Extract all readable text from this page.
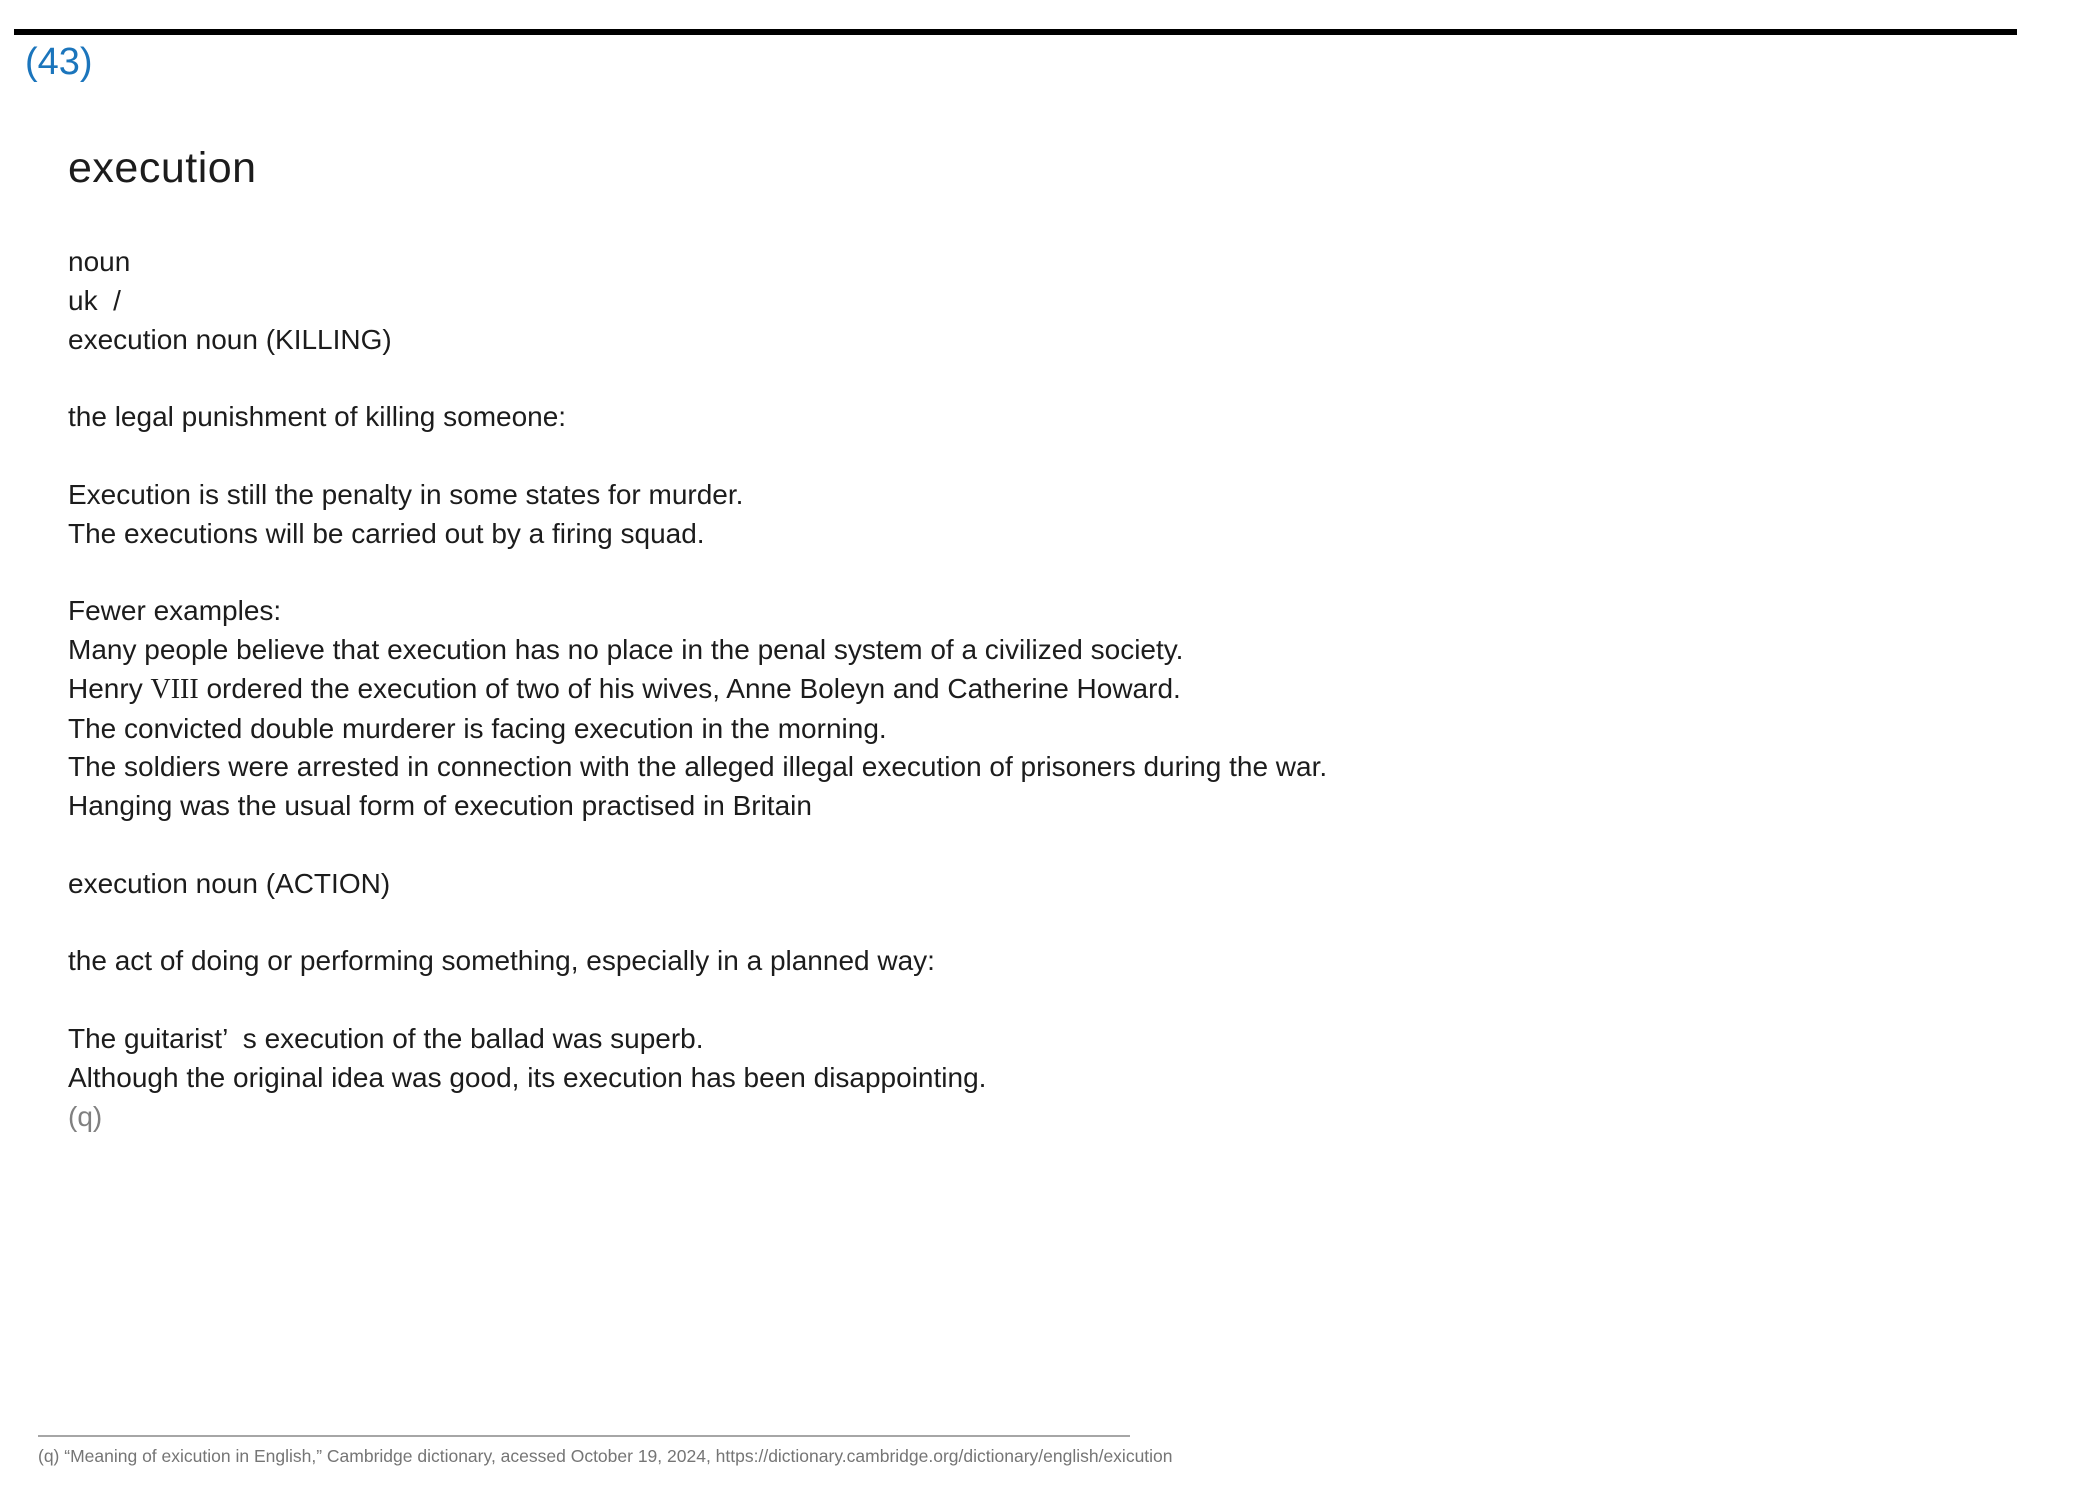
(43)
execution
noun
uk  /
execution noun (KILLING)
the legal punishment of killing someone:
Execution is still the penalty in some states for murder.
The executions will be carried out by a firing squad.
Fewer examples:
Many people believe that execution has no place in the penal system of a civilized society.
Henry VIII ordered the execution of two of his wives, Anne Boleyn and Catherine Howard.
The convicted double murderer is facing execution in the morning.
The soldiers were arrested in connection with the alleged illegal execution of prisoners during the war.
Hanging was the usual form of execution practised in Britain
execution noun (ACTION)
the act of doing or performing something, especially in a planned way:
The guitarist’  s execution of the ballad was superb.
Although the original idea was good, its execution has been disappointing.
(q)
(q) “Meaning of exicution in English,” Cambridge dictionary, acessed October 19, 2024, https://dictionary.cambridge.org/dictionary/english/exicution
